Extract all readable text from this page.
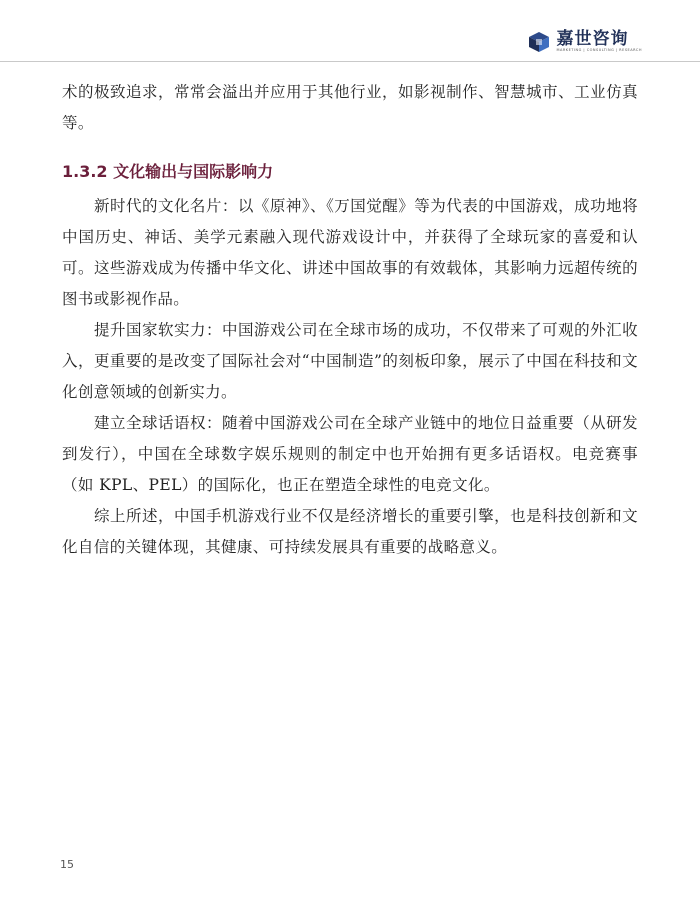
嘉世咨询
MARKETING | CONSULTING | RESEARCH

术的极致追求，常常会溢出并应用于其他行业，如影视制作、智慧城市、工业仿真等。

1.3.2 文化输出与国际影响力

新时代的文化名片：以《原神》、《万国觉醒》等为代表的中国游戏，成功地将中国历史、神话、美学元素融入现代游戏设计中，并获得了全球玩家的喜爱和认可。这些游戏成为传播中华文化、讲述中国故事的有效载体，其影响力远超传统的图书或影视作品。

提升国家软实力：中国游戏公司在全球市场的成功，不仅带来了可观的外汇收入，更重要的是改变了国际社会对“中国制造”的刻板印象，展示了中国在科技和文化创意领域的创新实力。

建立全球话语权：随着中国游戏公司在全球产业链中的地位日益重要（从研发到发行），中国在全球数字娱乐规则的制定中也开始拥有更多话语权。电竞赛事（如 KPL、PEL）的国际化，也正在塑造全球性的电竞文化。

综上所述，中国手机游戏行业不仅是经济增长的重要引擎，也是科技创新和文化自信的关键体现，其健康、可持续发展具有重要的战略意义。

15
